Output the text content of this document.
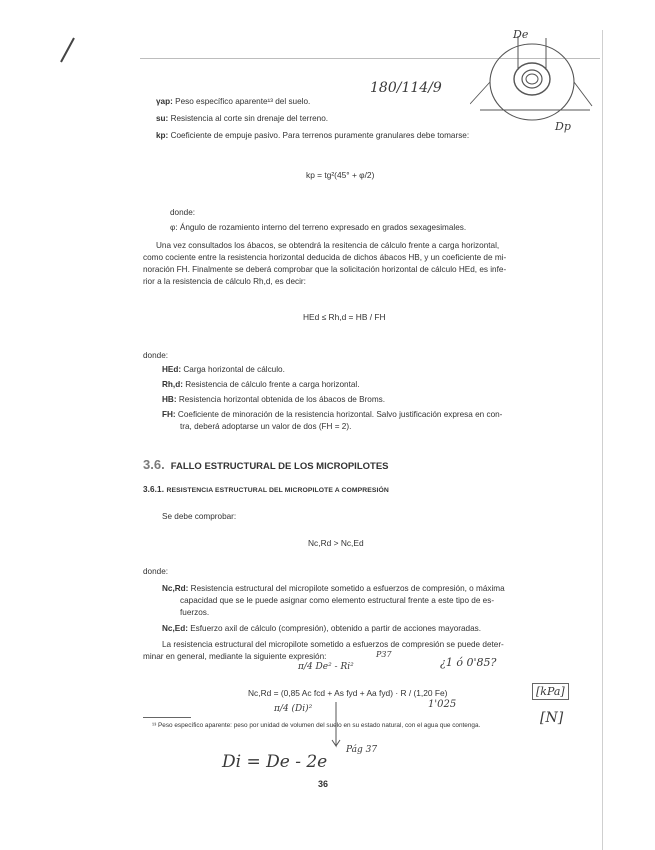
180/114/9
De
Dp
γap: Peso específico aparente¹³ del suelo.
su: Resistencia al corte sin drenaje del terreno.
kp: Coeficiente de empuje pasivo. Para terrenos puramente granulares debe tomarse:
kp = tg²(45° + φ/2)
donde:
φ: Ángulo de rozamiento interno del terreno expresado en grados sexagesimales.
Una vez consultados los ábacos, se obtendrá la resitencia de cálculo frente a carga horizontal,
como cociente entre la resistencia horizontal deducida de dichos ábacos HB, y un coeficiente de mi-
noración FH. Finalmente se deberá comprobar que la solicitación horizontal de cálculo HEd, es infe-
rior a la resistencia de cálculo Rh,d, es decir:
HEd ≤ Rh,d = HB / FH
donde:
HEd: Carga horizontal de cálculo.
Rh,d: Resistencia de cálculo frente a carga horizontal.
HB: Resistencia horizontal obtenida de los ábacos de Broms.
FH: Coeficiente de minoración de la resistencia horizontal. Salvo justificación expresa en con-
tra, deberá adoptarse un valor de dos (FH = 2).
3.6. FALLO ESTRUCTURAL DE LOS MICROPILOTES
3.6.1. RESISTENCIA ESTRUCTURAL DEL MICROPILOTE A COMPRESIÓN
Se debe comprobar:
Nc,Rd > Nc,Ed
donde:
Nc,Rd: Resistencia estructural del micropilote sometido a esfuerzos de compresión, o máxima
capacidad que se le puede asignar como elemento estructural frente a este tipo de es-
fuerzos.
Nc,Ed: Esfuerzo axil de cálculo (compresión), obtenido a partir de acciones mayoradas.
La resistencia estructural del micropilote sometido a esfuerzos de compresión se puede deter-
minar en general, mediante la siguiente expresión:
Nc,Rd = (0,85 Ac fcd + As fyd + Aa fyd) · R / (1,20 Fe)
π/4 De² - Ri²
P37
¿1 ó 0'85?
π/4 (Di)²	1'025
[kPa]
[N]
¹³ Peso específico aparente: peso por unidad de volumen del suelo en su estado natural, con el agua que contenga.
Pág 37
Di = De - 2e
36
